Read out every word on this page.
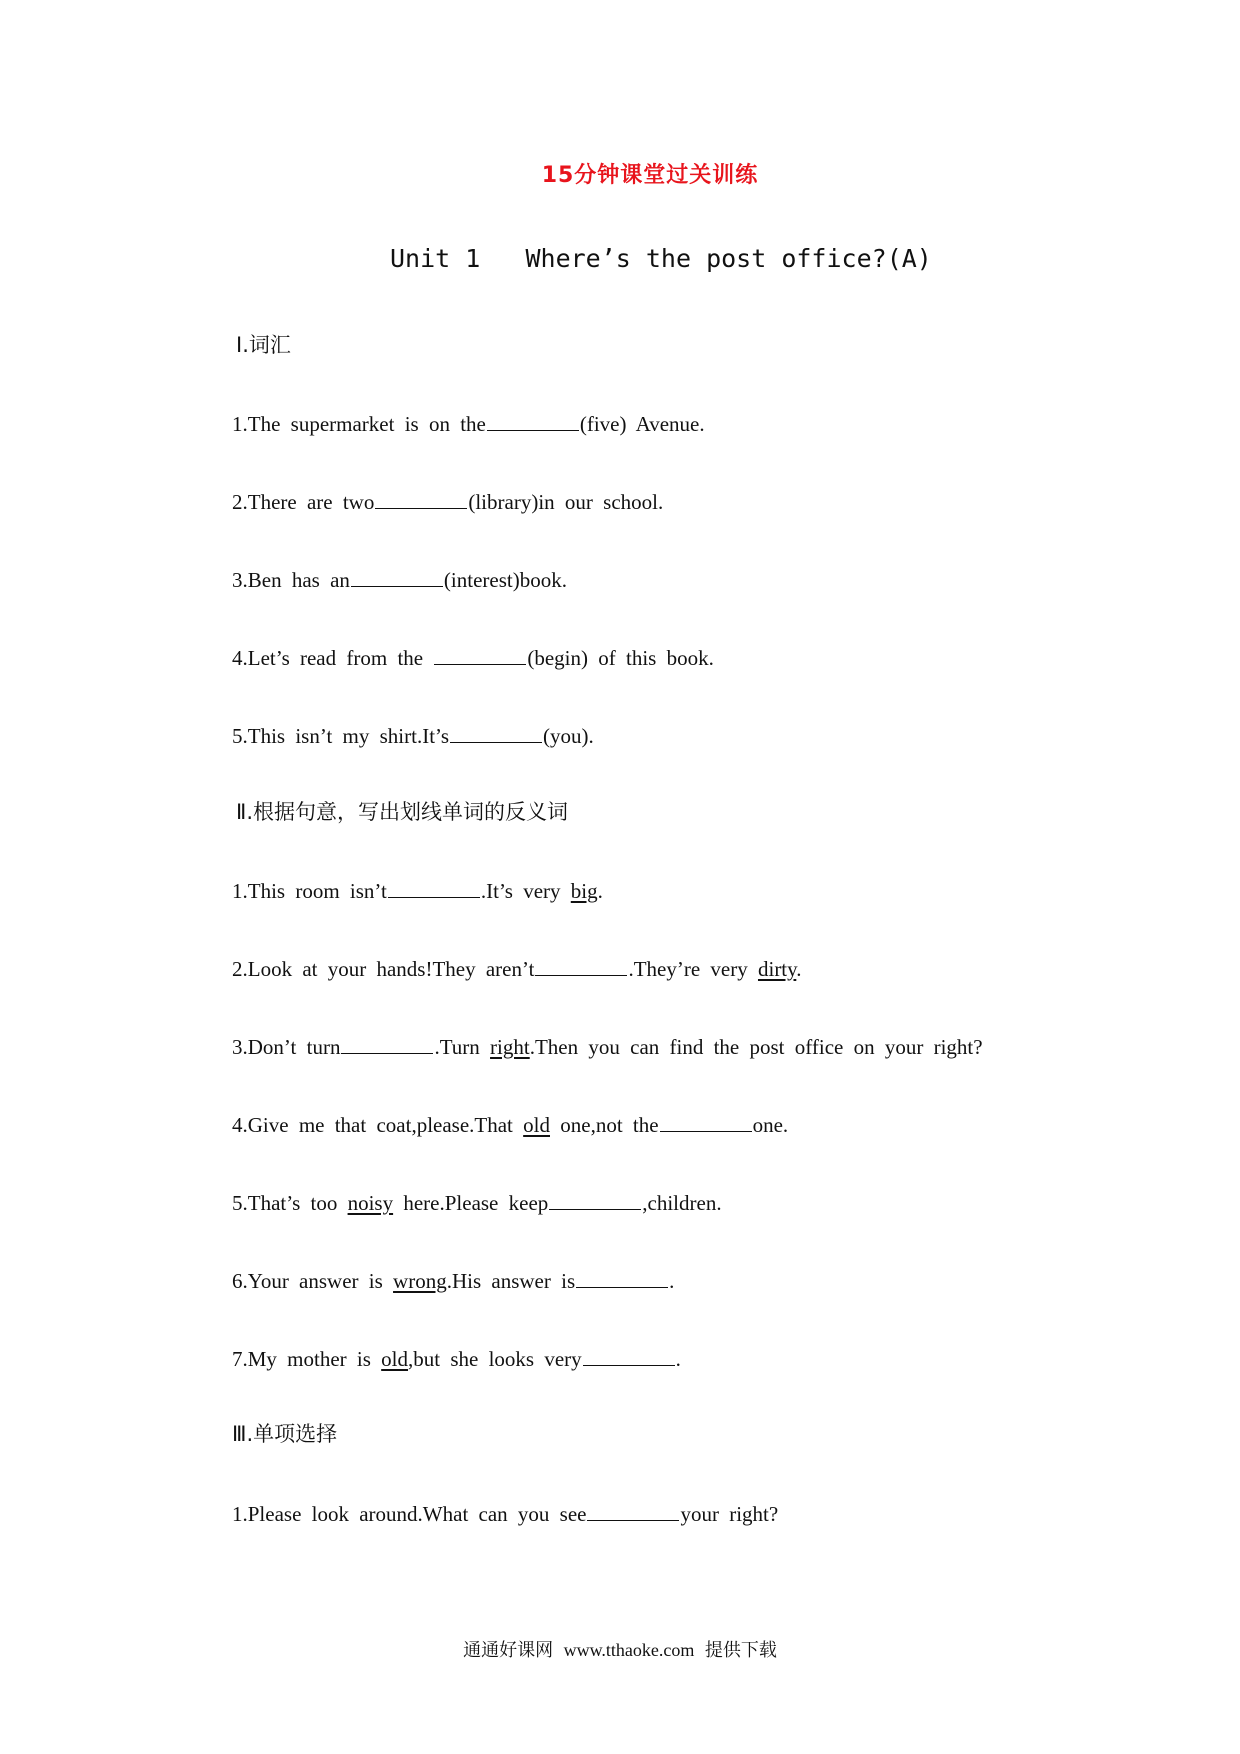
15分钟课堂过关训练
Unit 1   Where’s the post office?(A)
Ⅰ.词汇
1.The supermarket is on the	(five) Avenue.
2.There are two	(library)in our school.
3.Ben has an	(interest)book.
4.Let’s read from the	(begin) of this book.
5.This isn’t my shirt.It’s	(you).
Ⅱ.根据句意，写出划线单词的反义词
1.This room isn’t	.It’s very big.
2.Look at your hands!They aren’t	.They’re very dirty.
3.Don’t turn	.Turn right.Then you can find the post office on your right?
4.Give me that coat,please.That old one,not the	one.
5.That’s too noisy here.Please keep	,children.
6.Your answer is wrong.His answer is	.
7.My mother is old,but she looks very	.
Ⅲ.单项选择
1.Please look around.What can you see	your right?
通通好课网 www.tthaoke.com 提供下载
